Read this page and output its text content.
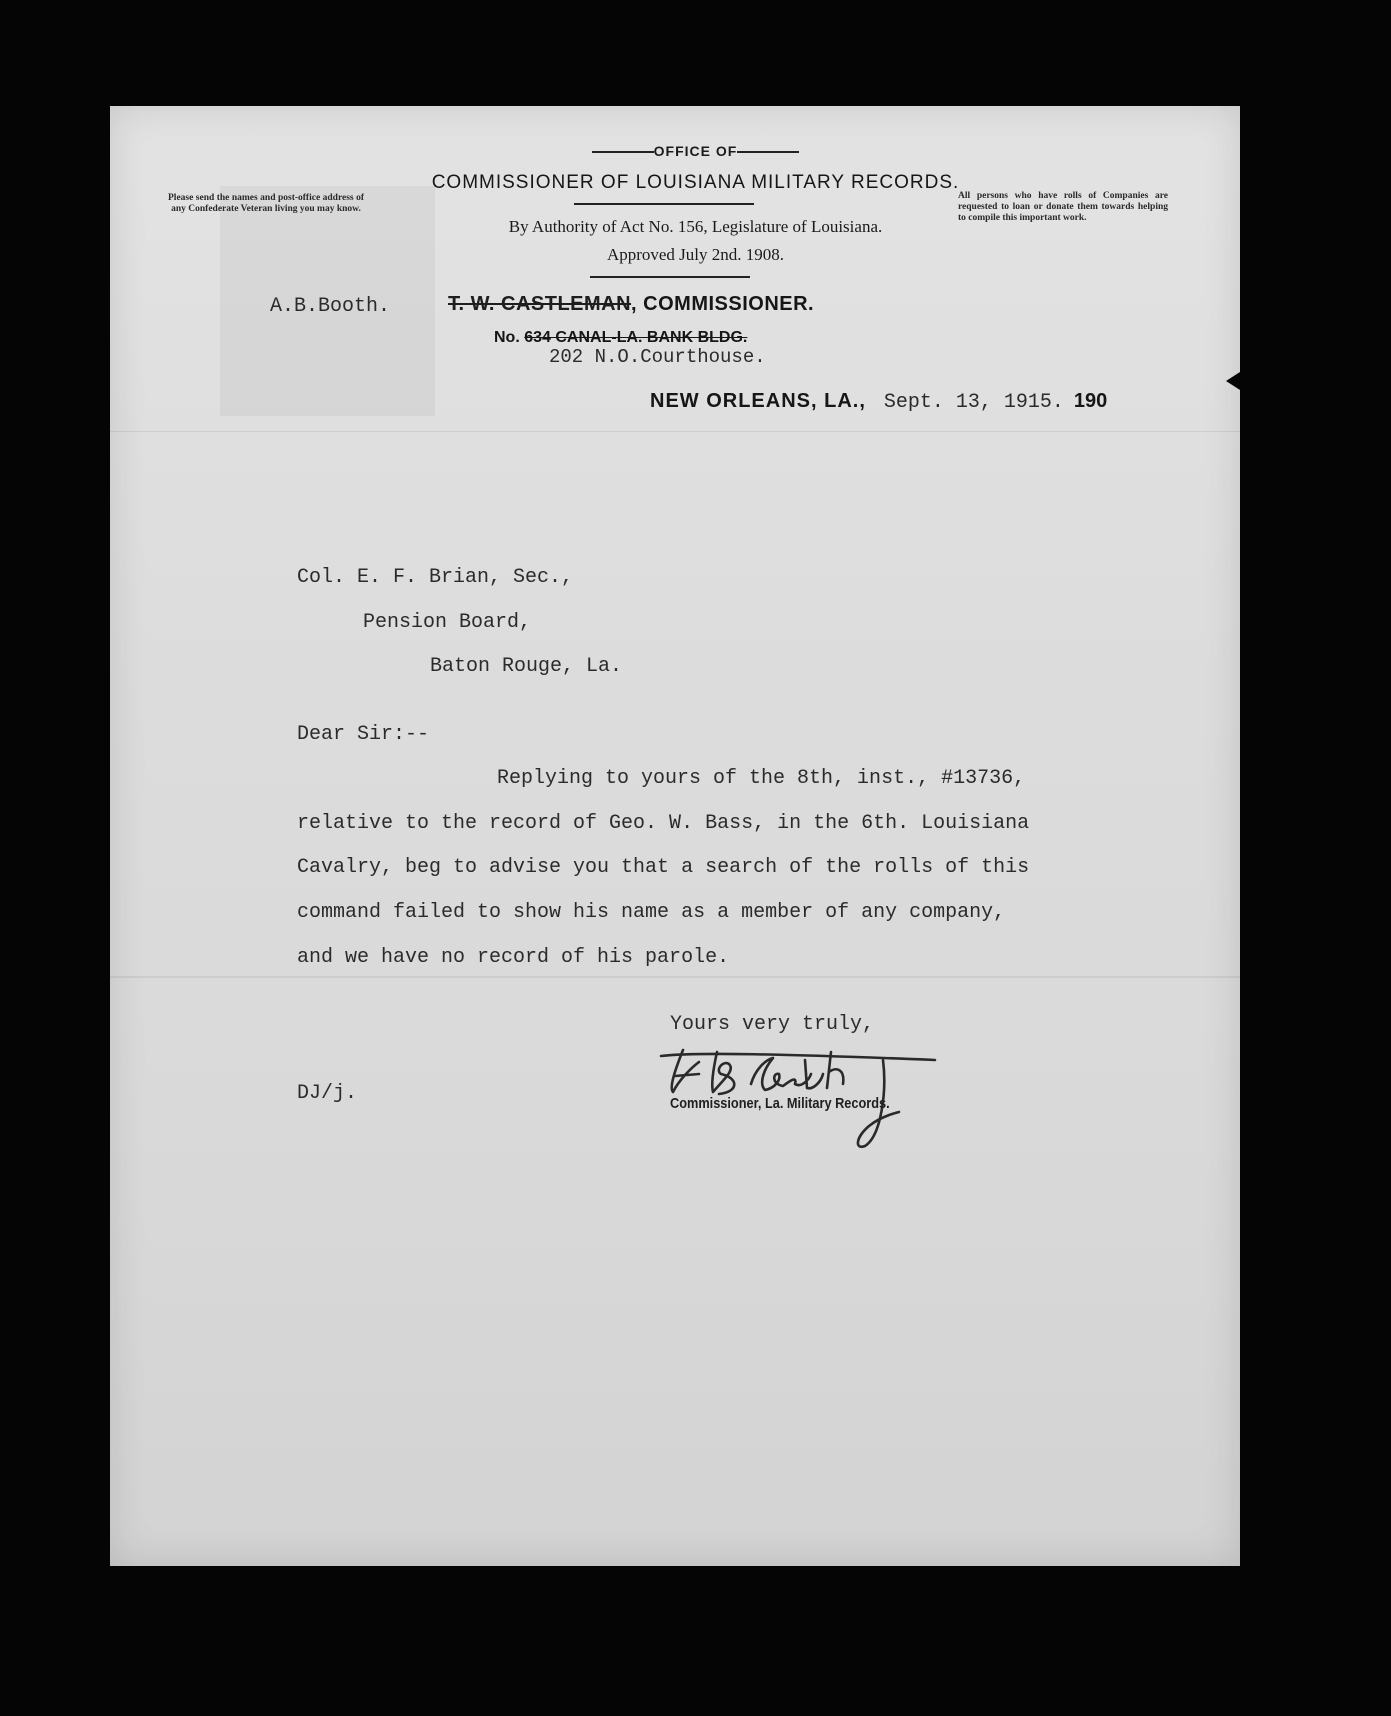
OFFICE OF
COMMISSIONER OF LOUISIANA MILITARY RECORDS.
By Authority of Act No. 156, Legislature of Louisiana.
Approved July 2nd. 1908.
Please send the names and post-office address of any Confederate Veteran living you may know.
All persons who have rolls of Companies are requested to loan or donate them towards helping to compile this important work.
A.B.Booth.	T. W. CASTLEMAN, COMMISSIONER.
No. 634 CANAL-LA. BANK BLDG.
202 N.O.Courthouse.
NEW ORLEANS, LA., Sept. 13, 1915. 190
Col. E. F. Brian, Sec.,
Pension Board,
Baton Rouge, La.
Dear Sir:--
Replying to yours of the 8th, inst., #13736,
relative to the record of Geo. W. Bass, in the 6th. Louisiana
Cavalry, beg to advise you that a search of the rolls of this
command failed to show his name as a member of any company,
and we have no record of his parole.
Yours very truly,
Commissioner, La. Military Records.
DJ/j.
